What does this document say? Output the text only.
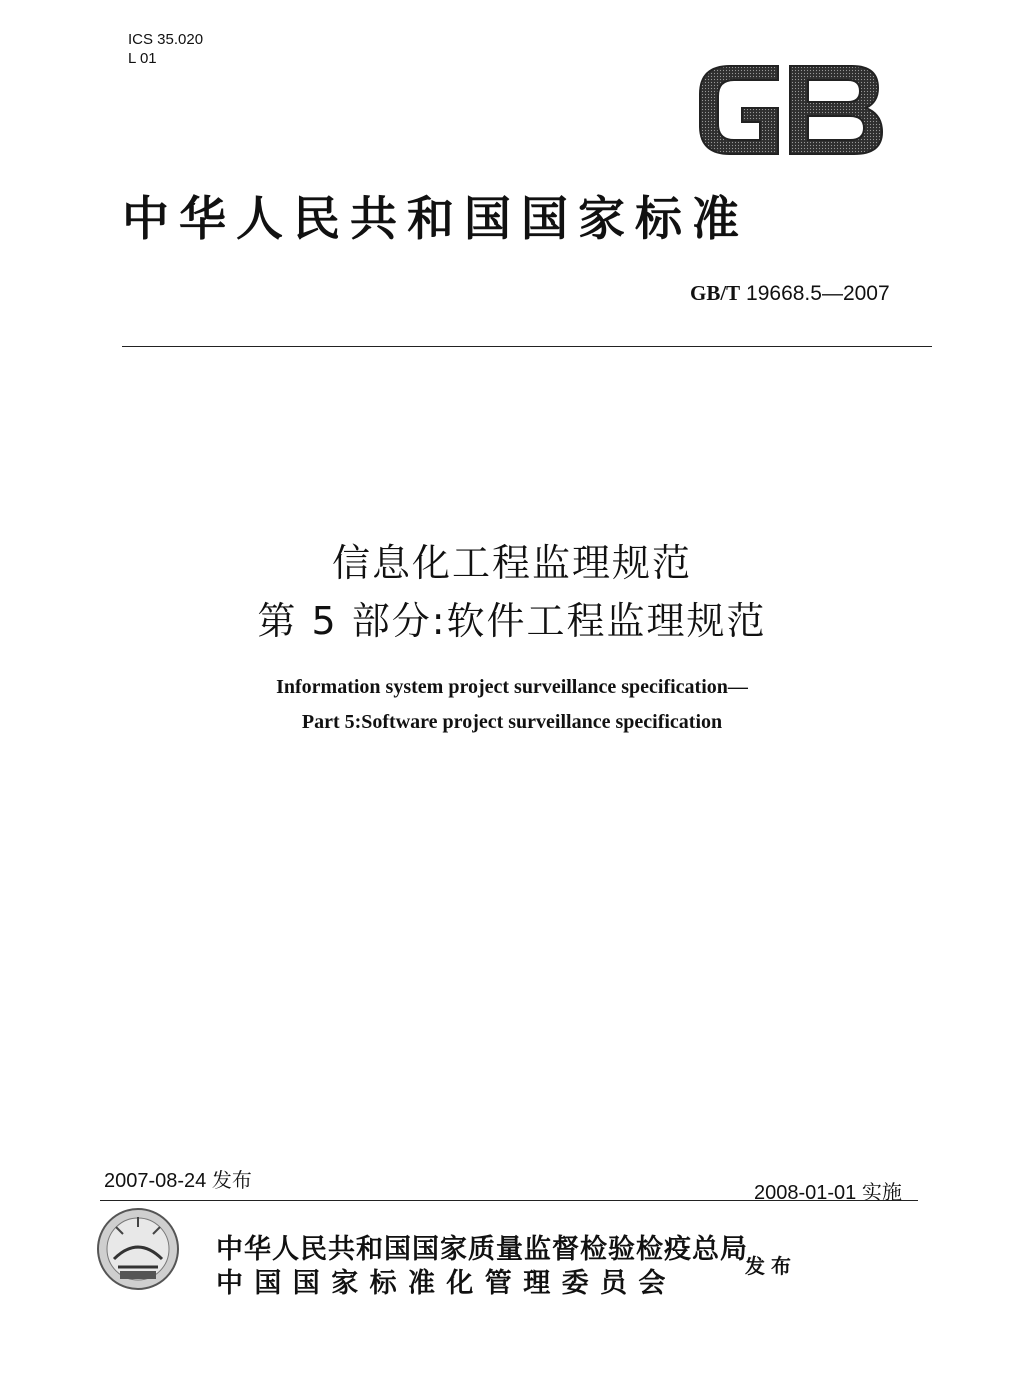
ICS 35.020
L 01
中华人民共和国国家标准
GB/T 19668.5—2007
信息化工程监理规范
第 5 部分:软件工程监理规范
Information system project surveillance specification—
Part 5:Software project surveillance specification
2007-08-24 发布
2008-01-01 实施
中华人民共和国国家质量监督检验检疫总局
中 国 国 家 标 准 化 管 理 委 员 会
发布
